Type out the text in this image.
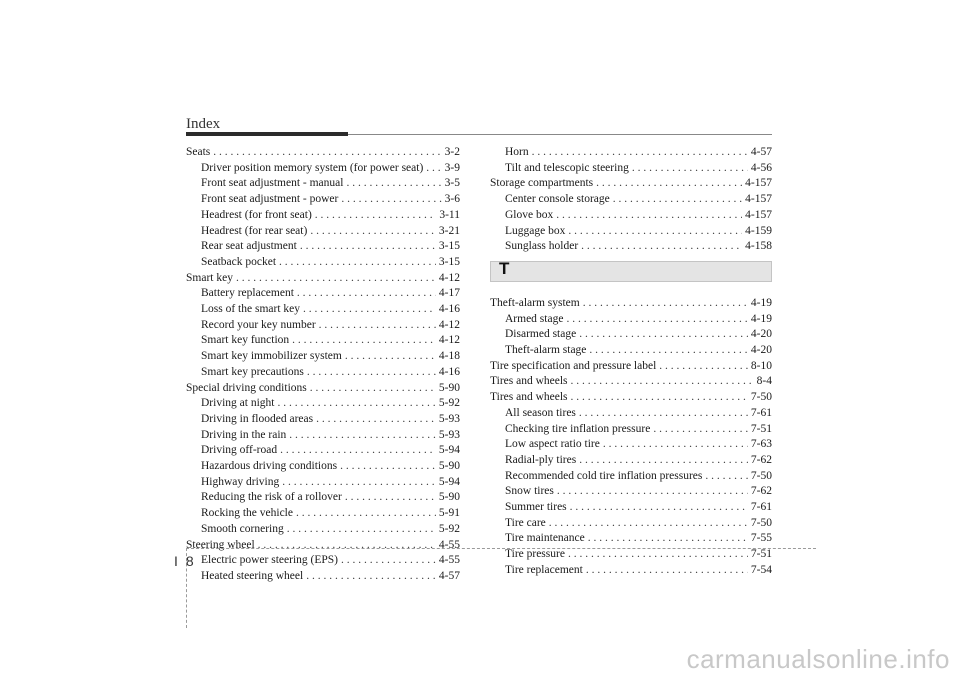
Index
Seats . . .	3-2
Driver position memory system (for power seat) . . . 3-9
Front seat adjustment - manual . . .	3-5
Front seat adjustment - power . . .	3-6
Headrest (for front seat) . . .	3-11
Headrest (for rear seat) . . .	3-21
Rear seat adjustment . . .	3-15
Seatback pocket . . .	3-15
Smart key . . .	4-12
Battery replacement . . .	4-17
Loss of the smart key . . .	4-16
Record your key number . . .	4-12
Smart key function . . .	4-12
Smart key immobilizer system . . .	4-18
Smart key precautions . . .	4-16
Special driving conditions . . .	5-90
Driving at night . . .	5-92
Driving in flooded areas . . .	5-93
Driving in the rain . . .	5-93
Driving off-road . . .	5-94
Hazardous driving conditions . . .	5-90
Highway driving . . .	5-94
Reducing the risk of a rollover . . .	5-90
Rocking the vehicle . . .	5-91
Smooth cornering . . .	5-92
Steering wheel . . .	4-55
Electric power steering (EPS) . . .	4-55
Heated steering wheel . . .	4-57
Horn . . .	4-57
Tilt and telescopic steering . . .	4-56
Storage compartments . . .	4-157
Center console storage . . .	4-157
Glove box . . .	4-157
Luggage box . . .	4-159
Sunglass holder . . .	4-158
T
Theft-alarm system . . .	4-19
Armed stage . . .	4-19
Disarmed stage . . .	4-20
Theft-alarm stage . . .	4-20
Tire specification and pressure label . . .	8-10
Tires and wheels . . .	8-4
Tires and wheels . . .	7-50
All season tires . . .	7-61
Checking tire inflation pressure . . .	7-51
Low aspect ratio tire . . .	7-63
Radial-ply tires . . .	7-62
Recommended cold tire inflation pressures . . .	7-50
Snow tires . . .	7-62
Summer tires . . .	7-61
Tire care . . .	7-50
Tire maintenance . . .	7-55
Tire pressure . . .	7-51
Tire replacement . . .	7-54
I 8
carmanualsonline.info
